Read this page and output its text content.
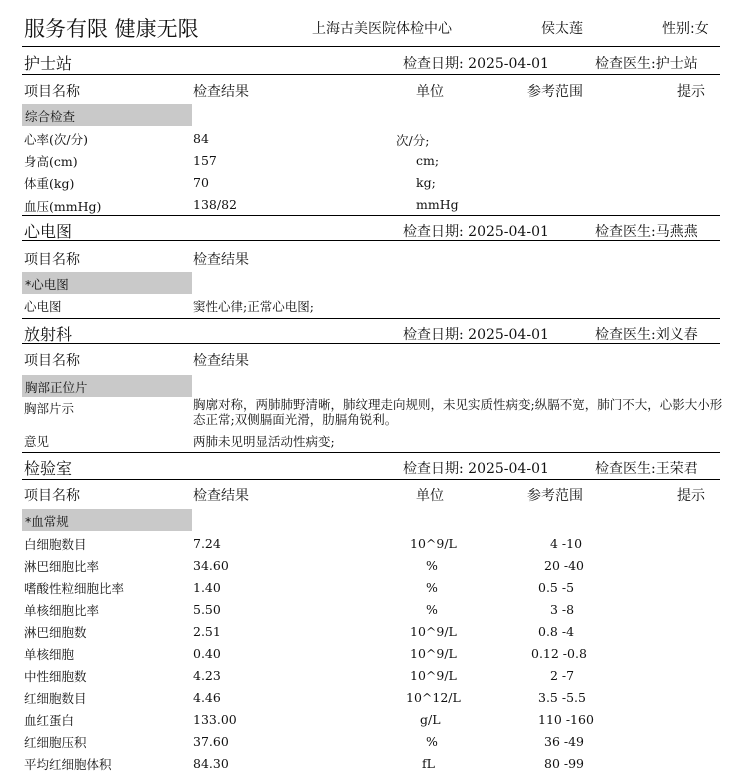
服务有限 健康无限	上海古美医院体检中心	侯太莲	性别:女
护士站	检查日期: 2025-04-01	检查医生:护士站
项目名称	检查结果	单位	参考范围	提示
综合检查
心率(次/分)	84	次/分;
身高(cm)	157	cm;
体重(kg)	70	kg;
血压(mmHg)	138/82	mmHg
心电图	检查日期: 2025-04-01	检查医生:马燕燕
项目名称	检查结果
*心电图
心电图	窦性心律;正常心电图;
放射科	检查日期: 2025-04-01	检查医生:刘义春
项目名称	检查结果
胸部正位片
胸部片示	胸廓对称，两肺肺野清晰，肺纹理走向规则，未见实质性病变;纵膈不宽，肺门不大，心影大小形态正常;双侧膈面光滑，肋膈角锐利。
意见	两肺未见明显活动性病变;
检验室	检查日期: 2025-04-01	检查医生:王荣君
项目名称	检查结果	单位	参考范围	提示
*血常规
白细胞数目	7.24	10^9/L	4 -10
淋巴细胞比率	34.60	%	20 -40
嗜酸性粒细胞比率	1.40	%	0.5 -5
单核细胞比率	5.50	%	3 -8
淋巴细胞数	2.51	10^9/L	0.8 -4
单核细胞	0.40	10^9/L	0.12 -0.8
中性细胞数	4.23	10^9/L	2 -7
红细胞数目	4.46	10^12/L	3.5 -5.5
血红蛋白	133.00	g/L	110 -160
红细胞压积	37.60	%	36 -49
平均红细胞体积	84.30	fL	80 -99
